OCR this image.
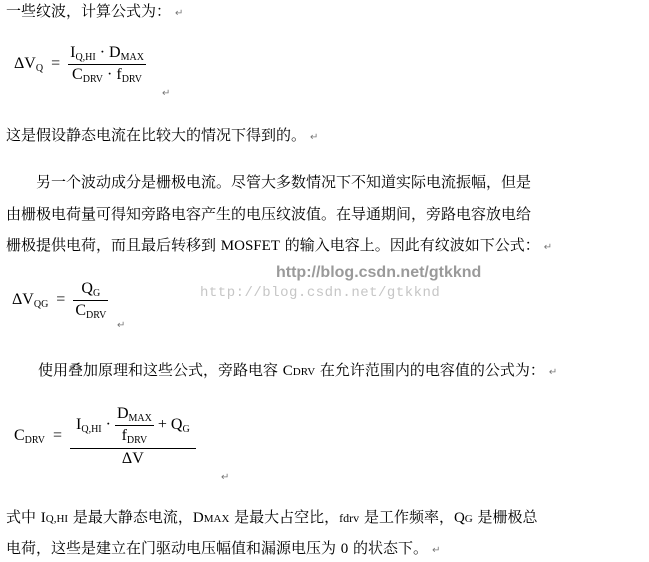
一些纹波，计算公式为： ↵
$\Delta V_Q = \frac{I_{Q,HI} \cdot D_{MAX}}{C_{DRV} \cdot f_{DRV}}$
↵
这是假设静态电流在比较大的情况下得到的。 ↵
另一个波动成分是栅极电流。尽管大多数情况下不知道实际电流振幅，但是
由栅极电荷量可得知旁路电容产生的电压纹波值。在导通期间，旁路电容放电给
栅极提供电荷，而且最后转移到 MOSFET 的输入电容上。因此有纹波如下公式： ↵
http://blog.csdn.net/gtkknd
http://blog.csdn.net/gtkknd
$\Delta V_{QG} = \frac{Q_G}{C_{DRV}}$
↵
使用叠加原理和这些公式，旁路电容 CDRV 在允许范围内的电容值的公式为： ↵
$C_{DRV}$ =
$I_{Q,HI} \cdot \frac{D_{MAX}}{f_{DRV}} + Q_G$
ΔV
↵
式中 IQ,HI 是最大静态电流，DMAX 是最大占空比，fdrv 是工作频率，QG 是栅极总
电荷，这些是建立在门驱动电压幅值和漏源电压为 0 的状态下。 ↵
